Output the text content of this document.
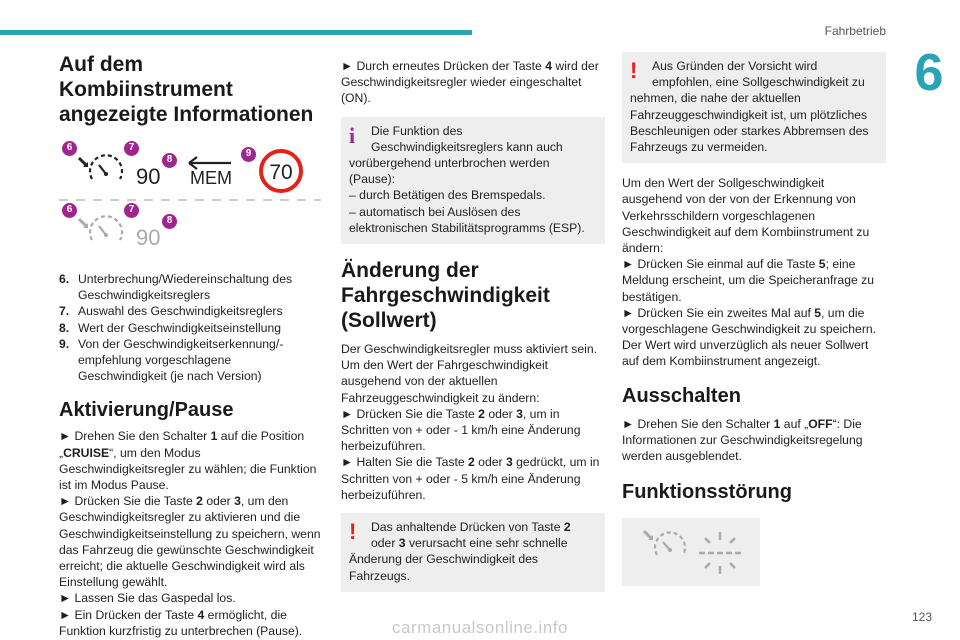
Fahrbetrieb
6
Auf dem Kombiinstrument angezeigte Informationen
90 MEM 70
90
6	7
8
9
6	7
8
6. Unterbrechung/Wiedereinschaltung des Geschwindigkeitsreglers
7. Auswahl des Geschwindigkeitsreglers
8. Wert der Geschwindigkeitseinstellung
9. Von der Geschwindigkeitserkennung/-empfehlung vorgeschlagene Geschwindigkeit (je nach Version)
Aktivierung/Pause

► Drehen Sie den Schalter 1 auf die Position „CRUISE“, um den Modus Geschwindigkeitsregler zu wählen; die Funktion ist im Modus Pause.

► Drücken Sie die Taste 2 oder 3, um den Geschwindigkeitsregler zu aktivieren und die Geschwindigkeitseinstellung zu speichern, wenn das Fahrzeug die gewünschte Geschwindigkeit erreicht; die aktuelle Geschwindigkeit wird als Einstellung gewählt.

► Lassen Sie das Gaspedal los.

► Ein Drücken der Taste 4 ermöglicht, die Funktion kurzfristig zu unterbrechen (Pause).

► Durch erneutes Drücken der Taste 4 wird der Geschwindigkeitsregler wieder eingeschaltet (ON).

i	Die Funktion des Geschwindigkeitsreglers kann auch

vorübergehend unterbrochen werden (Pause):

– durch Betätigen des Bremspedals.

– automatisch bei Auslösen des elektronischen Stabilitätsprogramms (ESP).

Änderung der Fahrgeschwindigkeit (Sollwert)

Der Geschwindigkeitsregler muss aktiviert sein.

Um den Wert der Fahrgeschwindigkeit ausgehend von der aktuellen Fahrzeuggeschwindigkeit zu ändern:

► Drücken Sie die Taste 2 oder 3, um in Schritten von + oder - 1 km/h eine Änderung herbeizuführen.

► Halten Sie die Taste 2 oder 3 gedrückt, um in Schritten von + oder - 5 km/h eine Änderung herbeizuführen.

!	Das anhaltende Drücken von Taste 2

oder 3 verursacht eine sehr schnelle

Änderung der Geschwindigkeit des Fahrzeugs.

!	Aus Gründen der Vorsicht wird empfohlen, eine Sollgeschwindigkeit zu

nehmen, die nahe der aktuellen Fahrzeuggeschwindigkeit ist, um plötzliches Beschleunigen oder starkes Abbremsen des Fahrzeugs zu vermeiden.

Um den Wert der Sollgeschwindigkeit ausgehend von der von der Erkennung von Verkehrsschildern vorgeschlagenen Geschwindigkeit auf dem Kombiinstrument zu ändern:

► Drücken Sie einmal auf die Taste 5; eine Meldung erscheint, um die Speicheranfrage zu bestätigen.

► Drücken Sie ein zweites Mal auf 5, um die vorgeschlagene Geschwindigkeit zu speichern.

Der Wert wird unverzüglich als neuer Sollwert auf dem Kombiinstrument angezeigt.

Ausschalten

► Drehen Sie den Schalter 1 auf „OFF“: Die Informationen zur Geschwindigkeitsregelung werden ausgeblendet.

Funktionsstörung
123
carmanualsonline.info
